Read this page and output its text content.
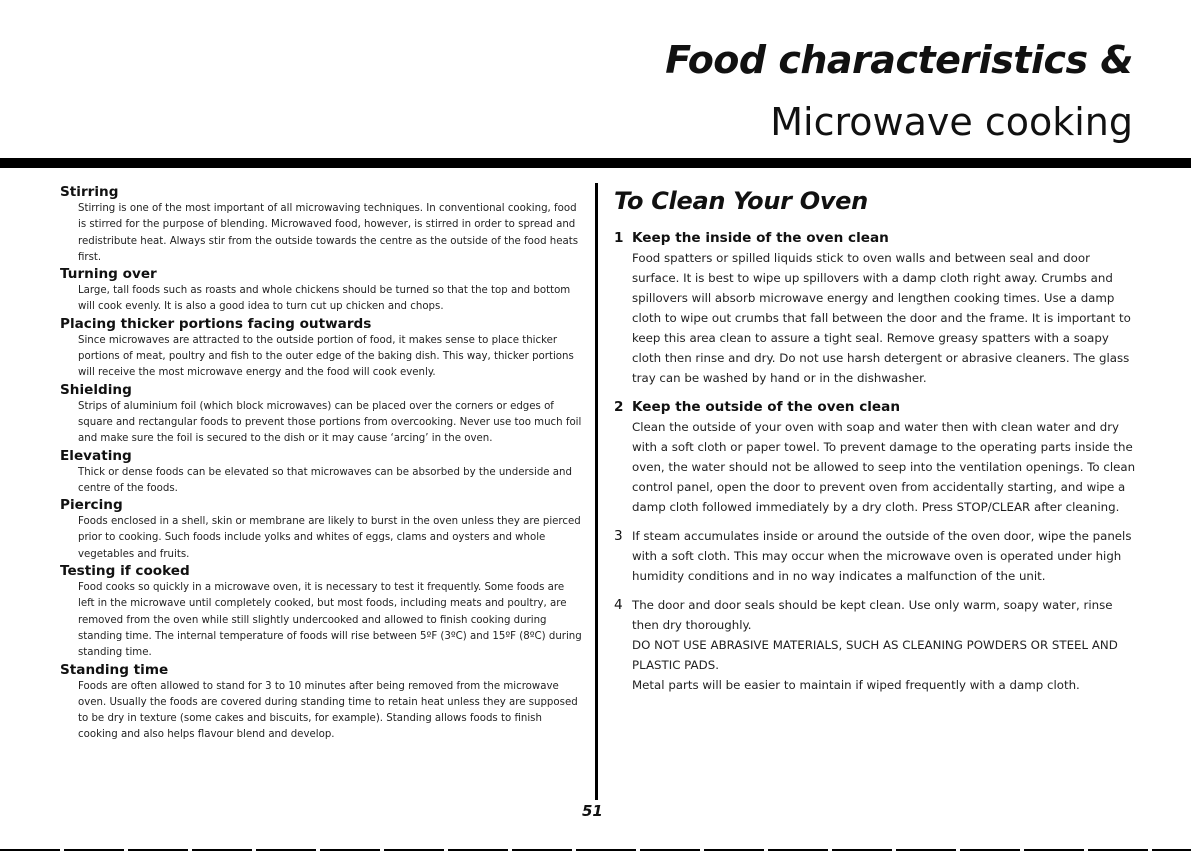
Food characteristics &
Microwave cooking
Stirring

Stirring is one of the most important of all microwaving techniques. In conventional cooking, food is stirred for the purpose of blending. Microwaved food, however, is stirred in order to spread and redistribute heat. Always stir from the outside towards the centre as the outside of the food heats first.

Turning over

Large, tall foods such as roasts and whole chickens should be turned so that the top and bottom will cook evenly. It is also a good idea to turn cut up chicken and chops.

Placing thicker portions facing outwards

Since microwaves are attracted to the outside portion of food, it makes sense to place thicker portions of meat, poultry and fish to the outer edge of the baking dish. This way, thicker portions will receive the most microwave energy and the food will cook evenly.

Shielding

Strips of aluminium foil (which block microwaves) can be placed over the corners or edges of square and rectangular foods to prevent those portions from overcooking. Never use too much foil and make sure the foil is secured to the dish or it may cause ‘arcing’ in the oven.

Elevating

Thick or dense foods can be elevated so that microwaves can be absorbed by the underside and centre of the foods.

Piercing

Foods enclosed in a shell, skin or membrane are likely to burst in the oven unless they are pierced prior to cooking. Such foods include yolks and whites of eggs, clams and oysters and whole vegetables and fruits.

Testing if cooked

Food cooks so quickly in a microwave oven, it is necessary to test it frequently. Some foods are left in the microwave until completely cooked, but most foods, including meats and poultry, are removed from the oven while still slightly undercooked and allowed to finish cooking during standing time. The internal temperature of foods will rise between 5ºF (3ºC) and 15ºF (8ºC) during standing time.

Standing time

Foods are often allowed to stand for 3 to 10 minutes after being removed from the microwave oven. Usually the foods are covered during standing time to retain heat unless they are supposed to be dry in texture (some cakes and biscuits, for example). Standing allows foods to finish cooking and also helps flavour blend and develop.

To Clean Your Oven
1 Keep the inside of the oven clean
Food spatters or spilled liquids stick to oven walls and between seal and door surface. It is best to wipe up spillovers with a damp cloth right away. Crumbs and spillovers will absorb microwave energy and lengthen cooking times. Use a damp cloth to wipe out crumbs that fall between the door and the frame. It is important to keep this area clean to assure a tight seal. Remove greasy spatters with a soapy cloth then rinse and dry. Do not use harsh detergent or abrasive cleaners. The glass tray can be washed by hand or in the dishwasher.
2 Keep the outside of the oven clean
Clean the outside of your oven with soap and water then with clean water and dry with a soft cloth or paper towel. To prevent damage to the operating parts inside the oven, the water should not be allowed to seep into the ventilation openings. To clean control panel, open the door to prevent oven from accidentally starting, and wipe a damp cloth followed immediately by a dry cloth. Press STOP/CLEAR after cleaning.
3 If steam accumulates inside or around the outside of the oven door, wipe the panels with a soft cloth. This may occur when the microwave oven is operated under high humidity conditions and in no way indicates a malfunction of the unit.
4 The door and door seals should be kept clean. Use only warm, soapy water, rinse then dry thoroughly.
DO NOT USE ABRASIVE MATERIALS, SUCH AS CLEANING POWDERS OR STEEL AND PLASTIC PADS.
Metal parts will be easier to maintain if wiped frequently with a damp cloth.
51
